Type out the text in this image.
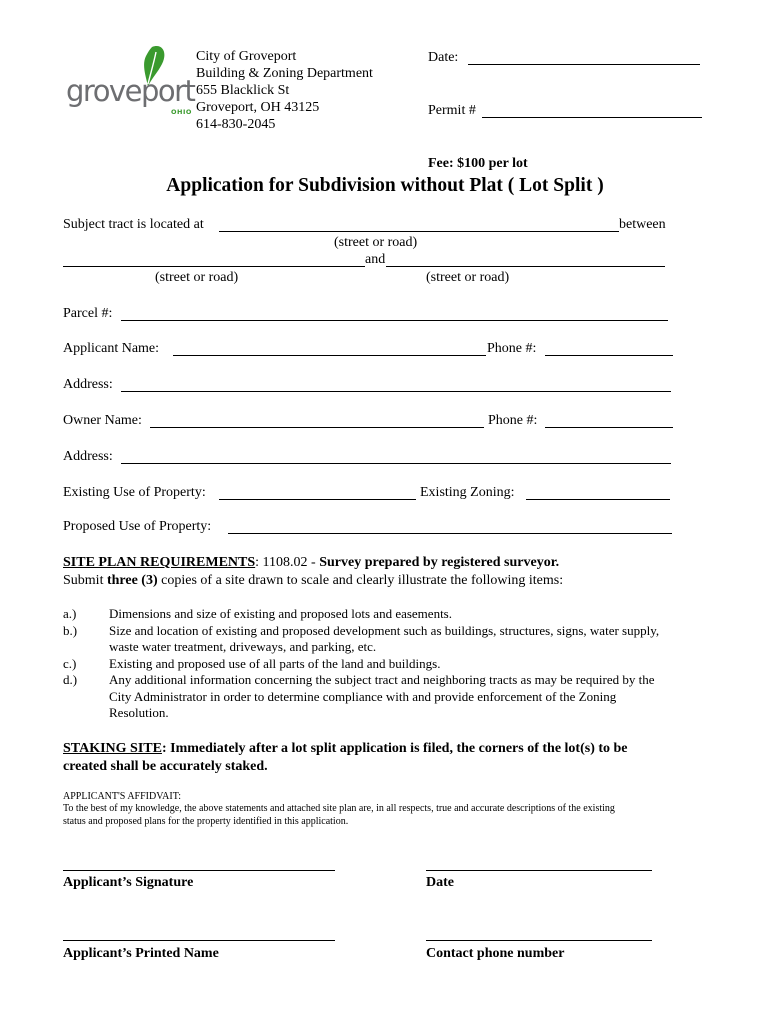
groveport
OHIO
City of Groveport
Building & Zoning Department
655 Blacklick St
Groveport, OH 43125
614-830-2045
Date:
Permit #
Fee: $100 per lot
Application for Subdivision without Plat ( Lot Split )
Subject tract is located at	between
(street or road)
and
(street or road)	(street or road)
Parcel #:
Applicant Name:	Phone #:
Address:
Owner Name:	Phone #:
Address:
Existing Use of Property:	Existing Zoning:
Proposed Use of Property:
SITE PLAN REQUIREMENTS: 1108.02 - Survey prepared by registered surveyor.
Submit three (3) copies of a site drawn to scale and clearly illustrate the following items:
a.)	Dimensions and size of existing and proposed lots and easements.
b.) Size and location of existing and proposed development such as buildings, structures, signs, water supply,
waste water treatment, driveways, and parking, etc.
c.)	Existing and proposed use of all parts of the land and buildings.
d.) Any additional information concerning the subject tract and neighboring tracts as may be required by the
City Administrator in order to determine compliance with and provide enforcement of the Zoning
Resolution.
STAKING SITE: Immediately after a lot split application is filed, the corners of the lot(s) to be
created shall be accurately staked.
APPLICANT'S AFFIDVAIT:
To the best of my knowledge, the above statements and attached site plan are, in all respects, true and accurate descriptions of the existing
status and proposed plans for the property identified in this application.
Applicant’s Signature	Date
Applicant’s Printed Name	Contact phone number
